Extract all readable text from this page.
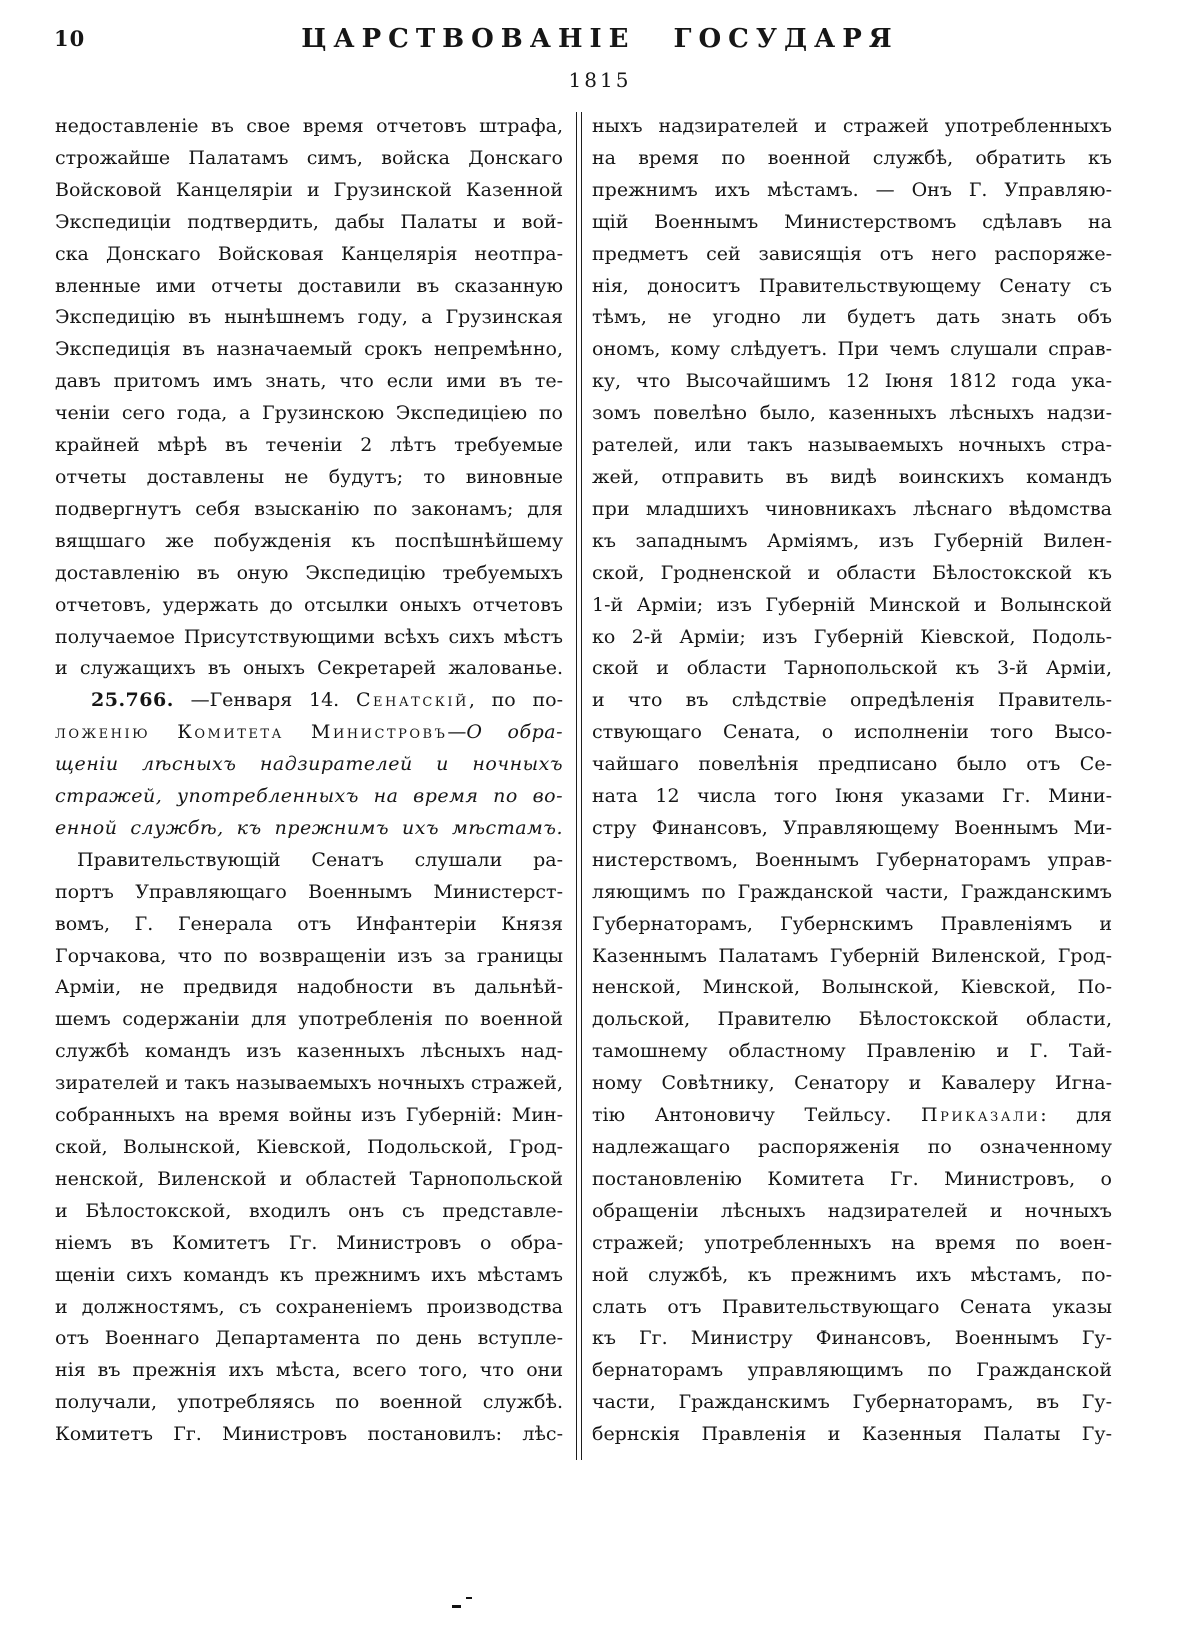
10	ЦАРСТВОВАНІЕ ГОСУДАРЯ
1815
недоставленіе въ свое время отчетовъ штрафа,
строжайше Палатамъ симъ, войска Донскаго
Войсковой Канцеляріи и Грузинской Казенной
Экспедиціи подтвердить, дабы Палаты и вой-
ска Донскаго Войсковая Канцелярія неотпра-
вленные ими отчеты доставили въ сказанную
Экспедицію въ нынѣшнемъ году, а Грузинская
Экспедиція въ назначаемый срокъ непремѣнно,
давъ притомъ имъ знать, что если ими въ те-
ченіи сего года, а Грузинскою Экспедиціею по
крайней мѣрѣ въ теченіи 2 лѣтъ требуемые
отчеты доставлены не будутъ; то виновные
подвергнутъ себя взысканію по законамъ; для
вящшаго же побужденія къ поспѣшнѣйшему
доставленію въ оную Экспедицію требуемыхъ
отчетовъ, удержать до отсылки оныхъ отчетовъ
получаемое Присутствующими всѣхъ сихъ мѣстъ
и служащихъ въ оныхъ Секретарей жалованье.
25.766. —Генваря 14. Сенатскій, по по-
ложенію Комитета Министровъ—О обра-
щеніи лѣсныхъ надзирателей и ночныхъ
стражей, употребленныхъ на время по во-
енной службѣ, къ прежнимъ ихъ мѣстамъ.
Правительствующій Сенатъ слушали ра-
портъ Управляющаго Военнымъ Министерст-
вомъ, Г. Генерала отъ Инфантеріи Князя
Горчакова, что по возвращеніи изъ за границы
Арміи, не предвидя надобности въ дальнѣй-
шемъ содержаніи для употребленія по военной
службѣ командъ изъ казенныхъ лѣсныхъ над-
зирателей и такъ называемыхъ ночныхъ стражей,
собранныхъ на время войны изъ Губерній: Мин-
ской, Волынской, Кіевской, Подольской, Грод-
ненской, Виленской и областей Тарнопольской
и Бѣлостокской, входилъ онъ съ представле-
ніемъ въ Комитетъ Гг. Министровъ о обра-
щеніи сихъ командъ къ прежнимъ ихъ мѣстамъ
и должностямъ, съ сохраненіемъ производства
отъ Военнаго Департамента по день вступле-
нія въ прежнія ихъ мѣста, всего того, что они
получали, употребляясь по военной службѣ.
Комитетъ Гг. Министровъ постановилъ: лѣс-
ныхъ надзирателей и стражей употребленныхъ
на время по военной службѣ, обратить къ
прежнимъ ихъ мѣстамъ. — Онъ Г. Управляю-
щій Военнымъ Министерствомъ сдѣлавъ на
предметъ сей зависящія отъ него распоряже-
нія, доноситъ Правительствующему Сенату съ
тѣмъ, не угодно ли будетъ дать знать объ
ономъ, кому слѣдуетъ. При чемъ слушали справ-
ку, что Высочайшимъ 12 Іюня 1812 года ука-
зомъ повелѣно было, казенныхъ лѣсныхъ надзи-
рателей, или такъ называемыхъ ночныхъ стра-
жей, отправить въ видѣ воинскихъ командъ
при младшихъ чиновникахъ лѣснаго вѣдомства
къ западнымъ Арміямъ, изъ Губерній Вилен-
ской, Гродненской и области Бѣлостокской къ
1-й Арміи; изъ Губерній Минской и Волынской
ко 2-й Арміи; изъ Губерній Кіевской, Подоль-
ской и области Тарнопольской къ 3-й Арміи,
и что въ слѣдствіе опредѣленія Правитель-
ствующаго Сената, о исполненіи того Высо-
чайшаго повелѣнія предписано было отъ Се-
ната 12 числа того Іюня указами Гг. Мини-
стру Финансовъ, Управляющему Военнымъ Ми-
нистерствомъ, Военнымъ Губернаторамъ управ-
ляющимъ по Гражданской части, Гражданскимъ
Губернаторамъ, Губернскимъ Правленіямъ и
Казеннымъ Палатамъ Губерній Виленской, Грод-
ненской, Минской, Волынской, Кіевской, По-
дольской, Правителю Бѣлостокской области,
тамошнему областному Правленію и Г. Тай-
ному Совѣтнику, Сенатору и Кавалеру Игна-
тію Антоновичу Тейльсу. Приказали: для
надлежащаго распоряженія по означенному
постановленію Комитета Гг. Министровъ, о
обращеніи лѣсныхъ надзирателей и ночныхъ
стражей; употребленныхъ на время по воен-
ной службѣ, къ прежнимъ ихъ мѣстамъ, по-
слать отъ Правительствующаго Сената указы
къ Гг. Министру Финансовъ, Военнымъ Гу-
бернаторамъ управляющимъ по Гражданской
части, Гражданскимъ Губернаторамъ, въ Гу-
бернскія Правленія и Казенныя Палаты Гу-
